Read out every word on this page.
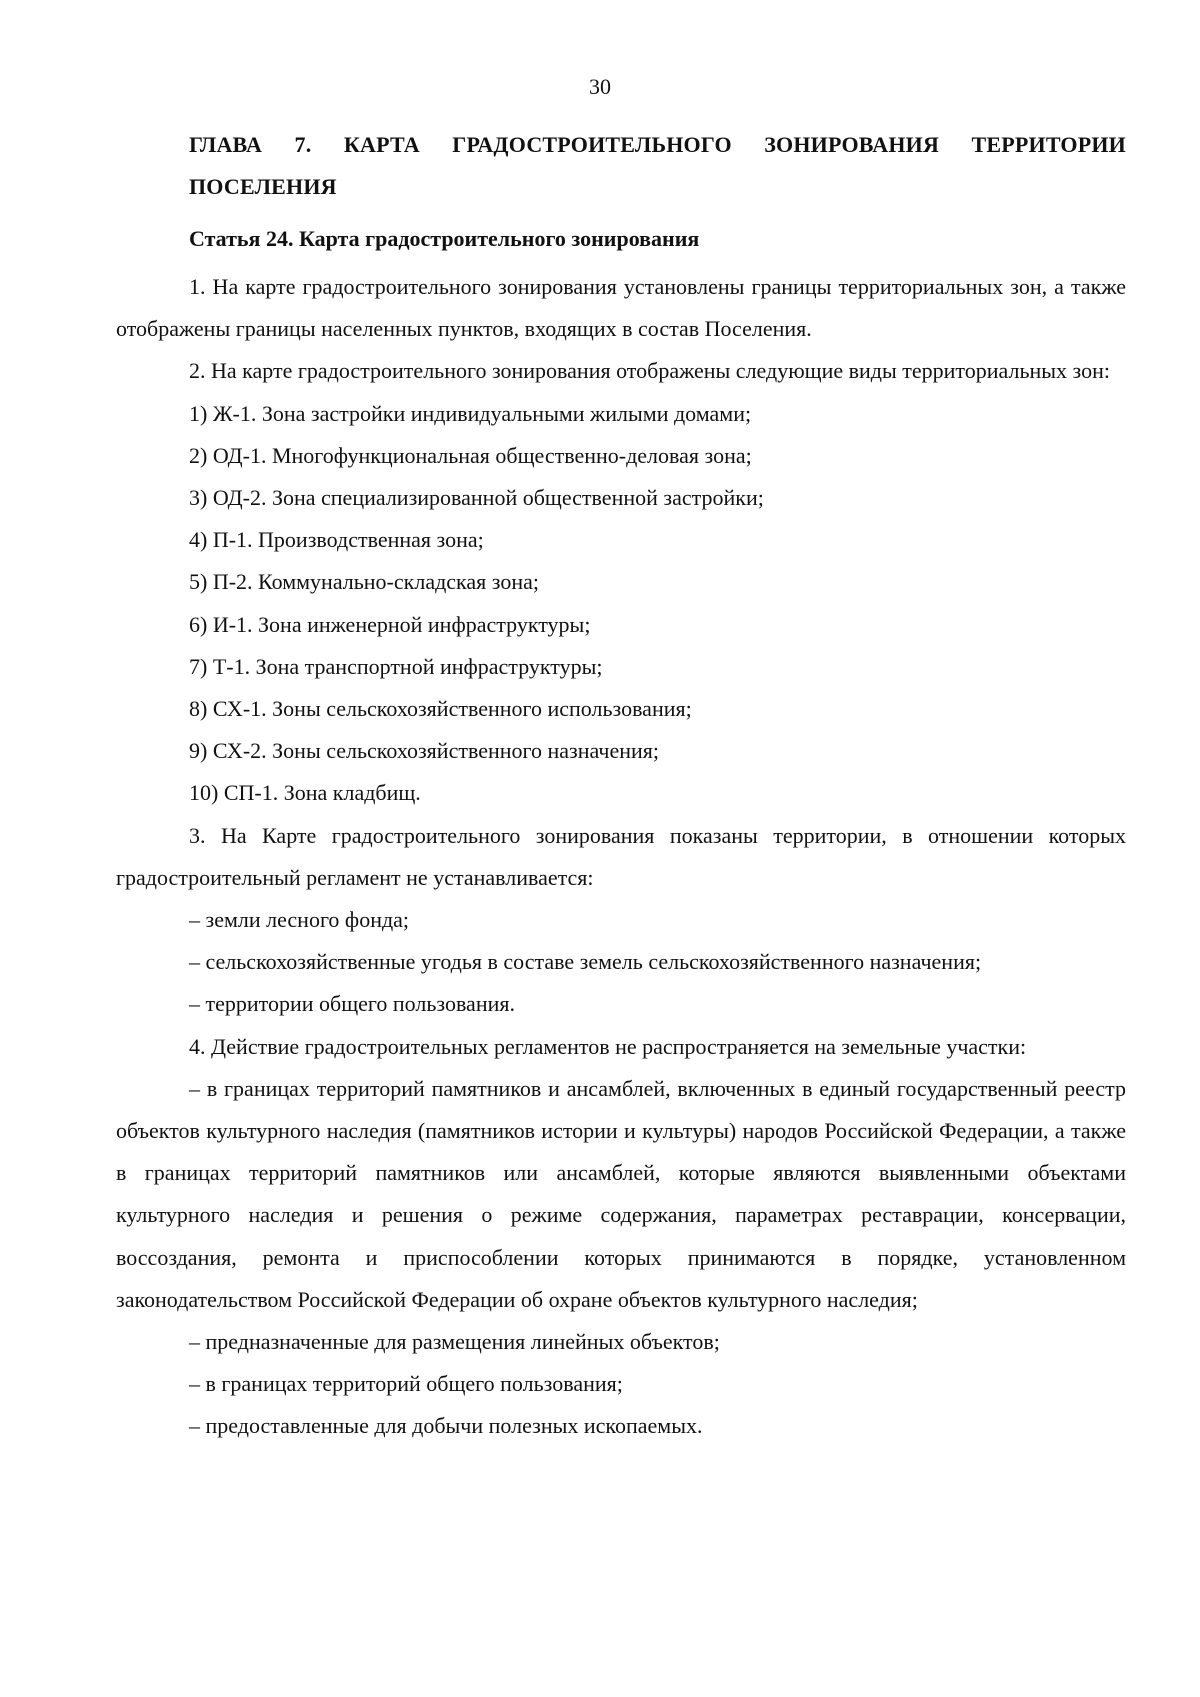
30
ГЛАВА 7. КАРТА ГРАДОСТРОИТЕЛЬНОГО ЗОНИРОВАНИЯ ТЕРРИТОРИИ ПОСЕЛЕНИЯ
Статья 24. Карта градостроительного зонирования

1. На карте градостроительного зонирования установлены границы территориальных зон, а также отображены границы населенных пунктов, входящих в состав Поселения.

2. На карте градостроительного зонирования отображены следующие виды территориальных зон:

1) Ж-1. Зона застройки индивидуальными жилыми домами;

2) ОД-1. Многофункциональная общественно-деловая зона;

3) ОД-2. Зона специализированной общественной застройки;

4) П-1. Производственная зона;

5) П-2. Коммунально-складская зона;

6) И-1. Зона инженерной инфраструктуры;

7) Т-1. Зона транспортной инфраструктуры;

8) СХ-1. Зоны сельскохозяйственного использования;

9) СХ-2. Зоны сельскохозяйственного назначения;

10) СП-1. Зона кладбищ.

3. На Карте градостроительного зонирования показаны территории, в отношении которых градостроительный регламент не устанавливается:

– земли лесного фонда;

– сельскохозяйственные угодья в составе земель сельскохозяйственного назначения;

– территории общего пользования.

4. Действие градостроительных регламентов не распространяется на земельные участки:

– в границах территорий памятников и ансамблей, включенных в единый государственный реестр объектов культурного наследия (памятников истории и культуры) народов Российской Федерации, а также в границах территорий памятников или ансамблей, которые являются выявленными объектами культурного наследия и решения о режиме содержания, параметрах реставрации, консервации, воссоздания, ремонта и приспособлении которых принимаются в порядке, установленном законодательством Российской Федерации об охране объектов культурного наследия;

– предназначенные для размещения линейных объектов;

– в границах территорий общего пользования;

– предоставленные для добычи полезных ископаемых.
